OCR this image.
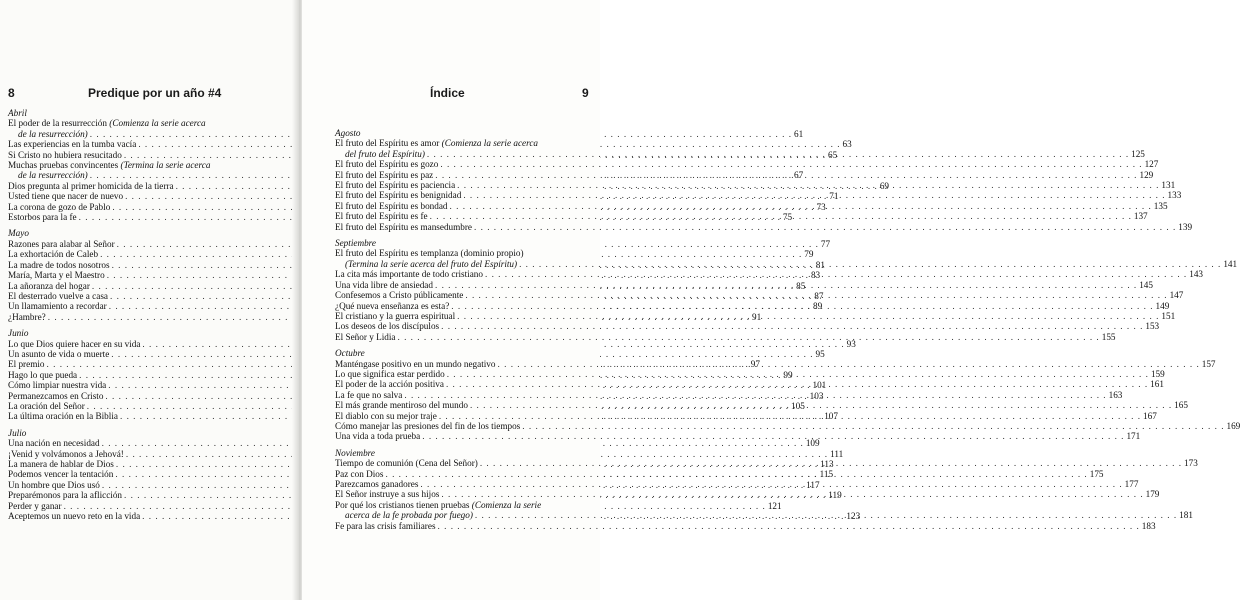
8	Predique por un año #4
Abril
El poder de la resurrección (Comienza la serie acerca
de la resurrección) . . .	61
Las experiencias en la tumba vacía . . .	63
Si Cristo no hubiera resucitado . . .	65
Muchas pruebas convincentes (Termina la serie acerca
de la resurrección) . . .	67
Dios pregunta al primer homicida de la tierra . . .	69
Usted tiene que nacer de nuevo . . .	71
La corona de gozo de Pablo . . .	73
Estorbos para la fe . . .	75
Mayo
Razones para alabar al Señor . . .	77
La exhortación de Caleb . . .	79
La madre de todos nosotros . . .	81
María, Marta y el Maestro . . .	83
La añoranza del hogar . . .	85
El desterrado vuelve a casa . . .	87
Un llamamiento a recordar . . .	89
¿Hambre? . . .	91
Junio
Lo que Dios quiere hacer en su vida . . .	93
Un asunto de vida o muerte . . .	95
El premio . . .	97
Hago lo que pueda . . .	99
Cómo limpiar nuestra vida . . .	101
Permanezcamos en Cristo . . .	103
La oración del Señor . . .	105
La última oración en la Biblia . . .	107
Julio
Una nación en necesidad . . .	109
¡Venid y volvámonos a Jehová! . . .	111
La manera de hablar de Dios . . .	113
Podemos vencer la tentación . . .	115
Un hombre que Dios usó . . .	117
Preparémonos para la aflicción . . .	119
Perder y ganar . . .	121
Aceptemos un nuevo reto en la vida . . .	123
Índice	9
Agosto
El fruto del Espíritu es amor (Comienza la serie acerca
del fruto del Espíritu) . . .	125
El fruto del Espíritu es gozo . . .	127
El fruto del Espíritu es paz . . .	129
El fruto del Espíritu es paciencia . . .	131
El fruto del Espíritu es benignidad . . .	133
El fruto del Espíritu es bondad . . .	135
El fruto del Espíritu es fe . . .	137
El fruto del Espíritu es mansedumbre . . .	139
Septiembre
El fruto del Espíritu es templanza (dominio propio)
(Termina la serie acerca del fruto del Espíritu) . . .	141
La cita más importante de todo cristiano . . .	143
Una vida libre de ansiedad . . .	145
Confesemos a Cristo públicamente . . .	147
¿Qué nueva enseñanza es esta? . . .	149
El cristiano y la guerra espiritual . . .	151
Los deseos de los discípulos . . .	153
El Señor y Lidia . . .	155
Octubre
Manténgase positivo en un mundo negativo . . .	157
Lo que significa estar perdido . . .	159
El poder de la acción positiva . . .	161
La fe que no salva . . .	163
El más grande mentiroso del mundo . . .	165
El diablo con su mejor traje . . .	167
Cómo manejar las presiones del fin de los tiempos . . .	169
Una vida a toda prueba . . .	171
Noviembre
Tiempo de comunión (Cena del Señor) . . .	173
Paz con Dios . . .	175
Parezcamos ganadores . . .	177
El Señor instruye a sus hijos . . .	179
Por qué los cristianos tienen pruebas (Comienza la serie
acerca de la fe probada por fuego) . . .	181
Fe para las crisis familiares . . .	183
